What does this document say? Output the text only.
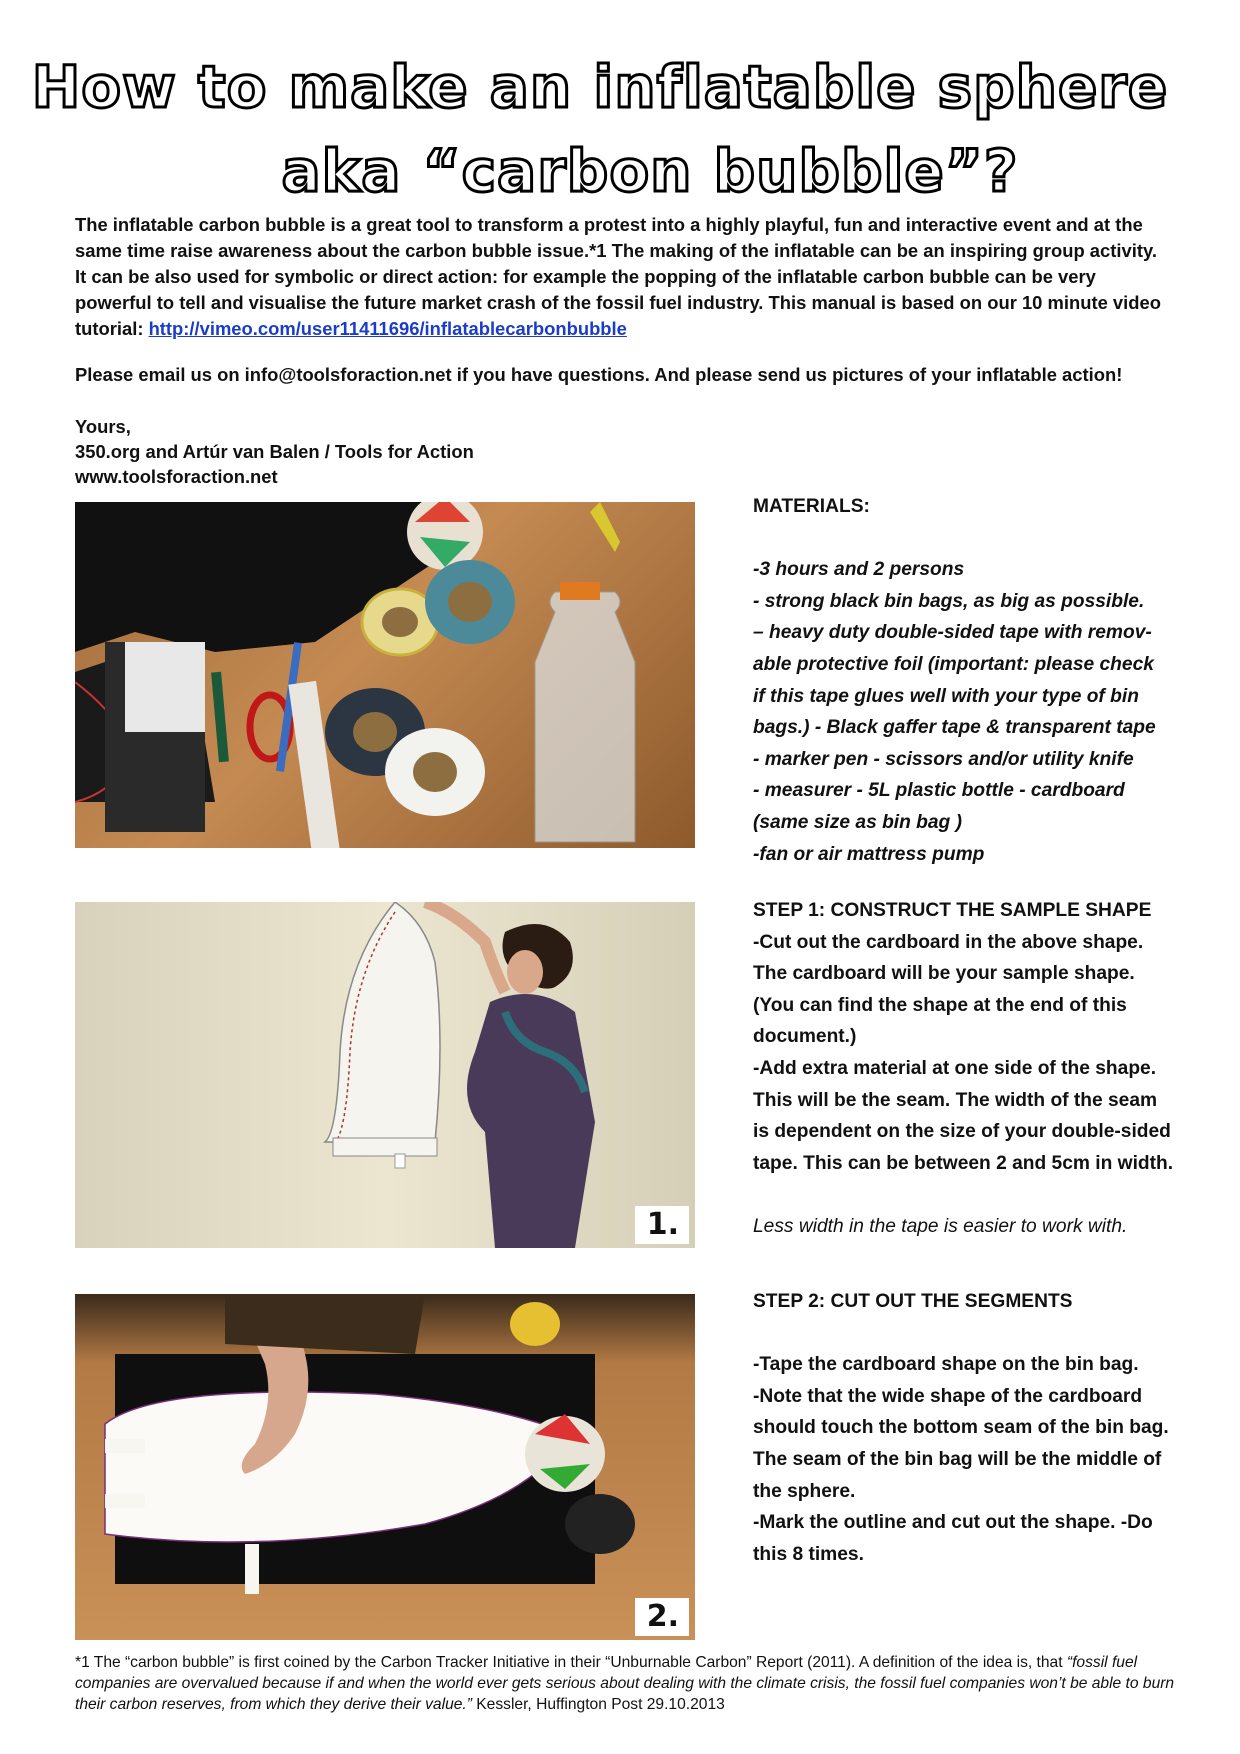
How to make an inflatable sphere
aka “carbon bubble”?

The inflatable carbon bubble is a great tool to transform a protest into a highly playful, fun and interactive event and at the same time raise awareness about the carbon bubble issue.*1 The making of the inflatable can be an inspiring group activity. It can be also used for symbolic or direct action: for example the popping of the inflatable carbon bubble can be very powerful to tell and visualise the future market crash of the fossil fuel industry. This manual is based on our 10 minute video tutorial: http://vimeo.com/user11411696/inflatablecarbonbubble

Please email us on info@toolsforaction.net if you have questions. And please send us pictures of your inflatable action!

Yours,
350.org and Artúr van Balen / Tools for Action
www.toolsforaction.net
1.
2.
MATERIALS:
-3 hours and 2 persons
- strong black bin bags, as big as possible.
– heavy duty double-sided tape with remov-
able protective foil (important: please check
if this tape glues well with your type of bin
bags.) - Black gaffer tape & transparent tape
- marker pen - scissors and/or utility knife
- measurer - 5L plastic bottle - cardboard
(same size as bin bag )
-fan or air mattress pump
STEP 1: CONSTRUCT THE SAMPLE SHAPE
-Cut out the cardboard in the above shape.
The cardboard will be your sample shape.
(You can find the shape at the end of this
document.)
-Add extra material at one side of the shape.
This will be the seam. The width of the seam
is dependent on the size of your double-sided
tape. This can be between 2 and 5cm in width.
Less width in the tape is easier to work with.
STEP 2: CUT OUT THE SEGMENTS
-Tape the cardboard shape on the bin bag.
-Note that the wide shape of the cardboard
should touch the bottom seam of the bin bag.
The seam of the bin bag will be the middle of
the sphere.
-Mark the outline and cut out the shape. -Do
this 8 times.

*1 The “carbon bubble” is first coined by the Carbon Tracker Initiative in their “Unburnable Carbon” Report (2011). A definition of the idea is, that “fossil fuel companies are overvalued because if and when the world ever gets serious about dealing with the climate crisis, the fossil fuel companies won’t be able to burn their carbon reserves, from which they derive their value.” Kessler, Huffington Post 29.10.2013
